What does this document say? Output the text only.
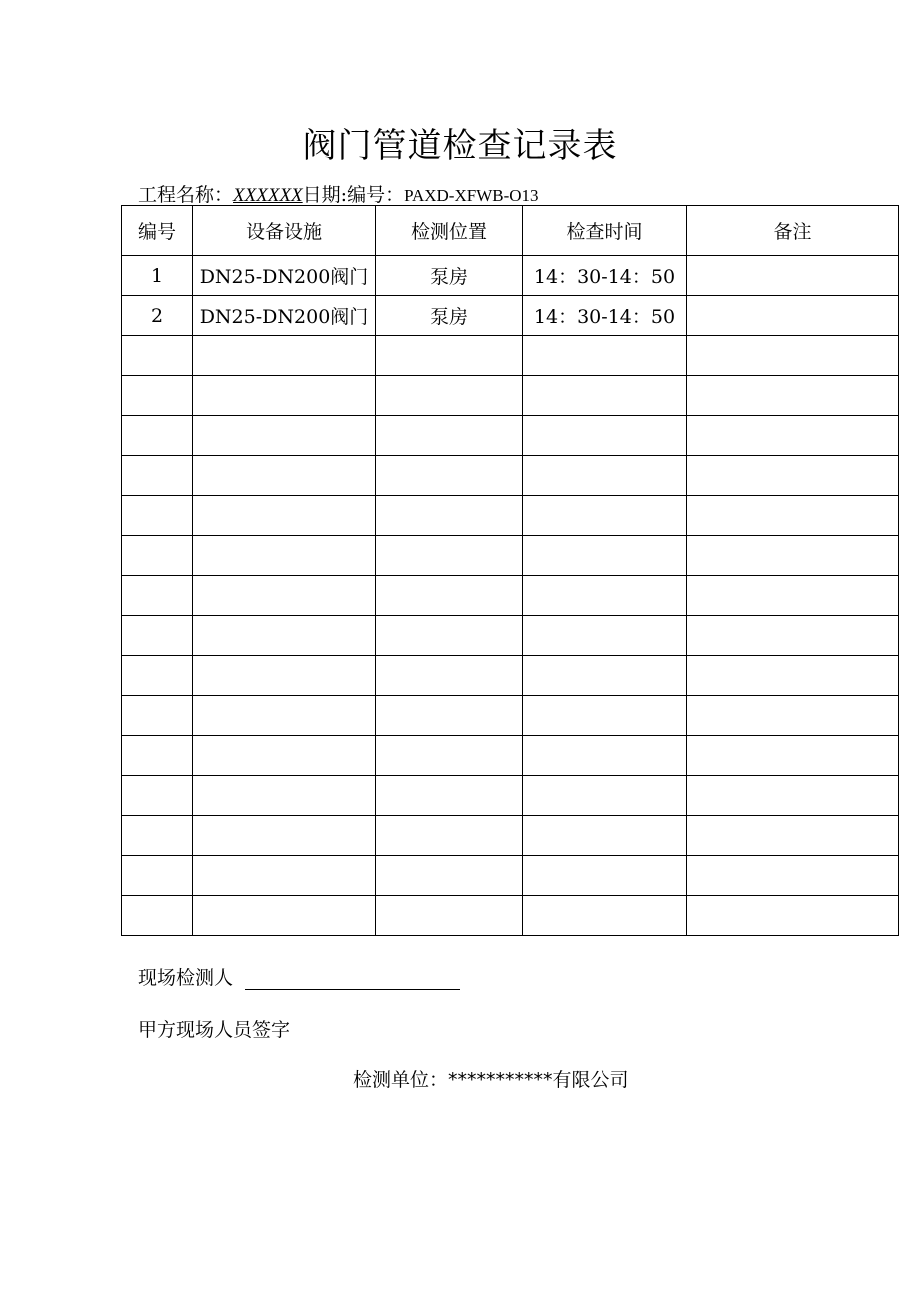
阀门管道检查记录表
工程名称：XXXXXX日期:编号：PAXD-XFWB-O13
编号	设备设施	检测位置	检查时间	备注
1	DN25-DN200阀门	泵房	14：30-14：50	
2	DN25-DN200阀门	泵房	14：30-14：50	

现场检测人
甲方现场人员签字
检测单位：***********有限公司
